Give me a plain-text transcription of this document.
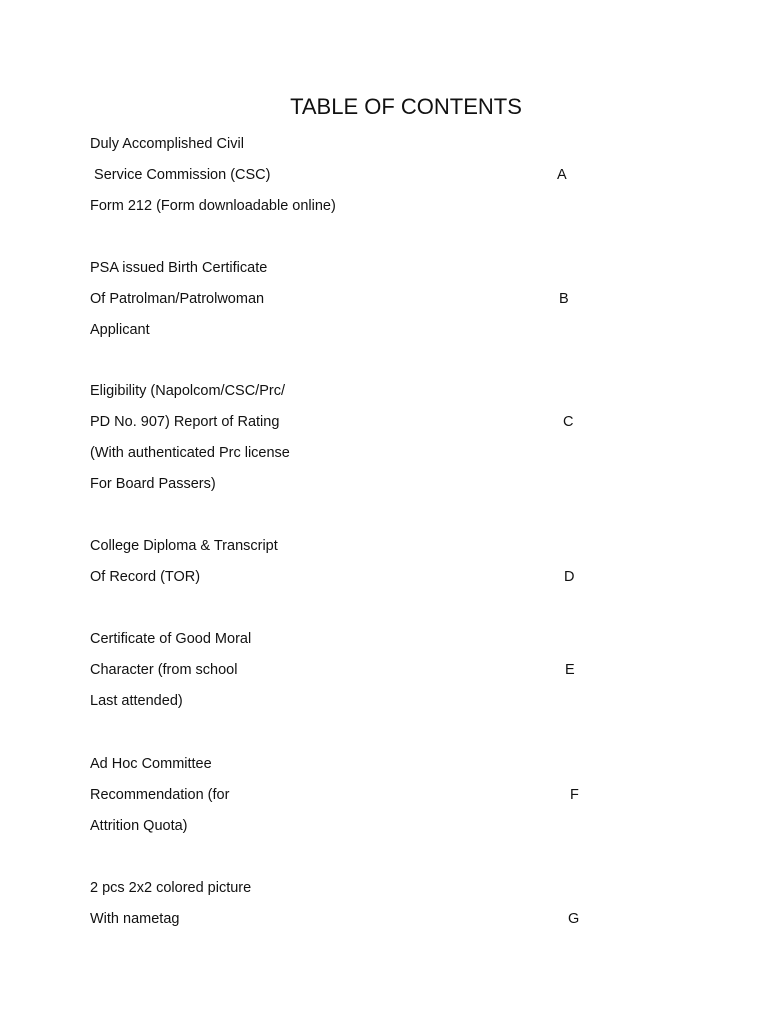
TABLE OF CONTENTS
Duly Accomplished Civil
Service Commission (CSC)
Form 212 (Form downloadable online)
A
PSA issued Birth Certificate
Of Patrolman/Patrolwoman
Applicant
B
Eligibility (Napolcom/CSC/Prc/
PD No. 907) Report of Rating
(With authenticated Prc license
For Board Passers)
C
College Diploma & Transcript
Of Record (TOR)	D
Certificate of Good Moral
Character (from school
Last attended)
E
Ad Hoc Committee
Recommendation (for
Attrition Quota)
F
2 pcs 2x2 colored picture
With nametag	G
